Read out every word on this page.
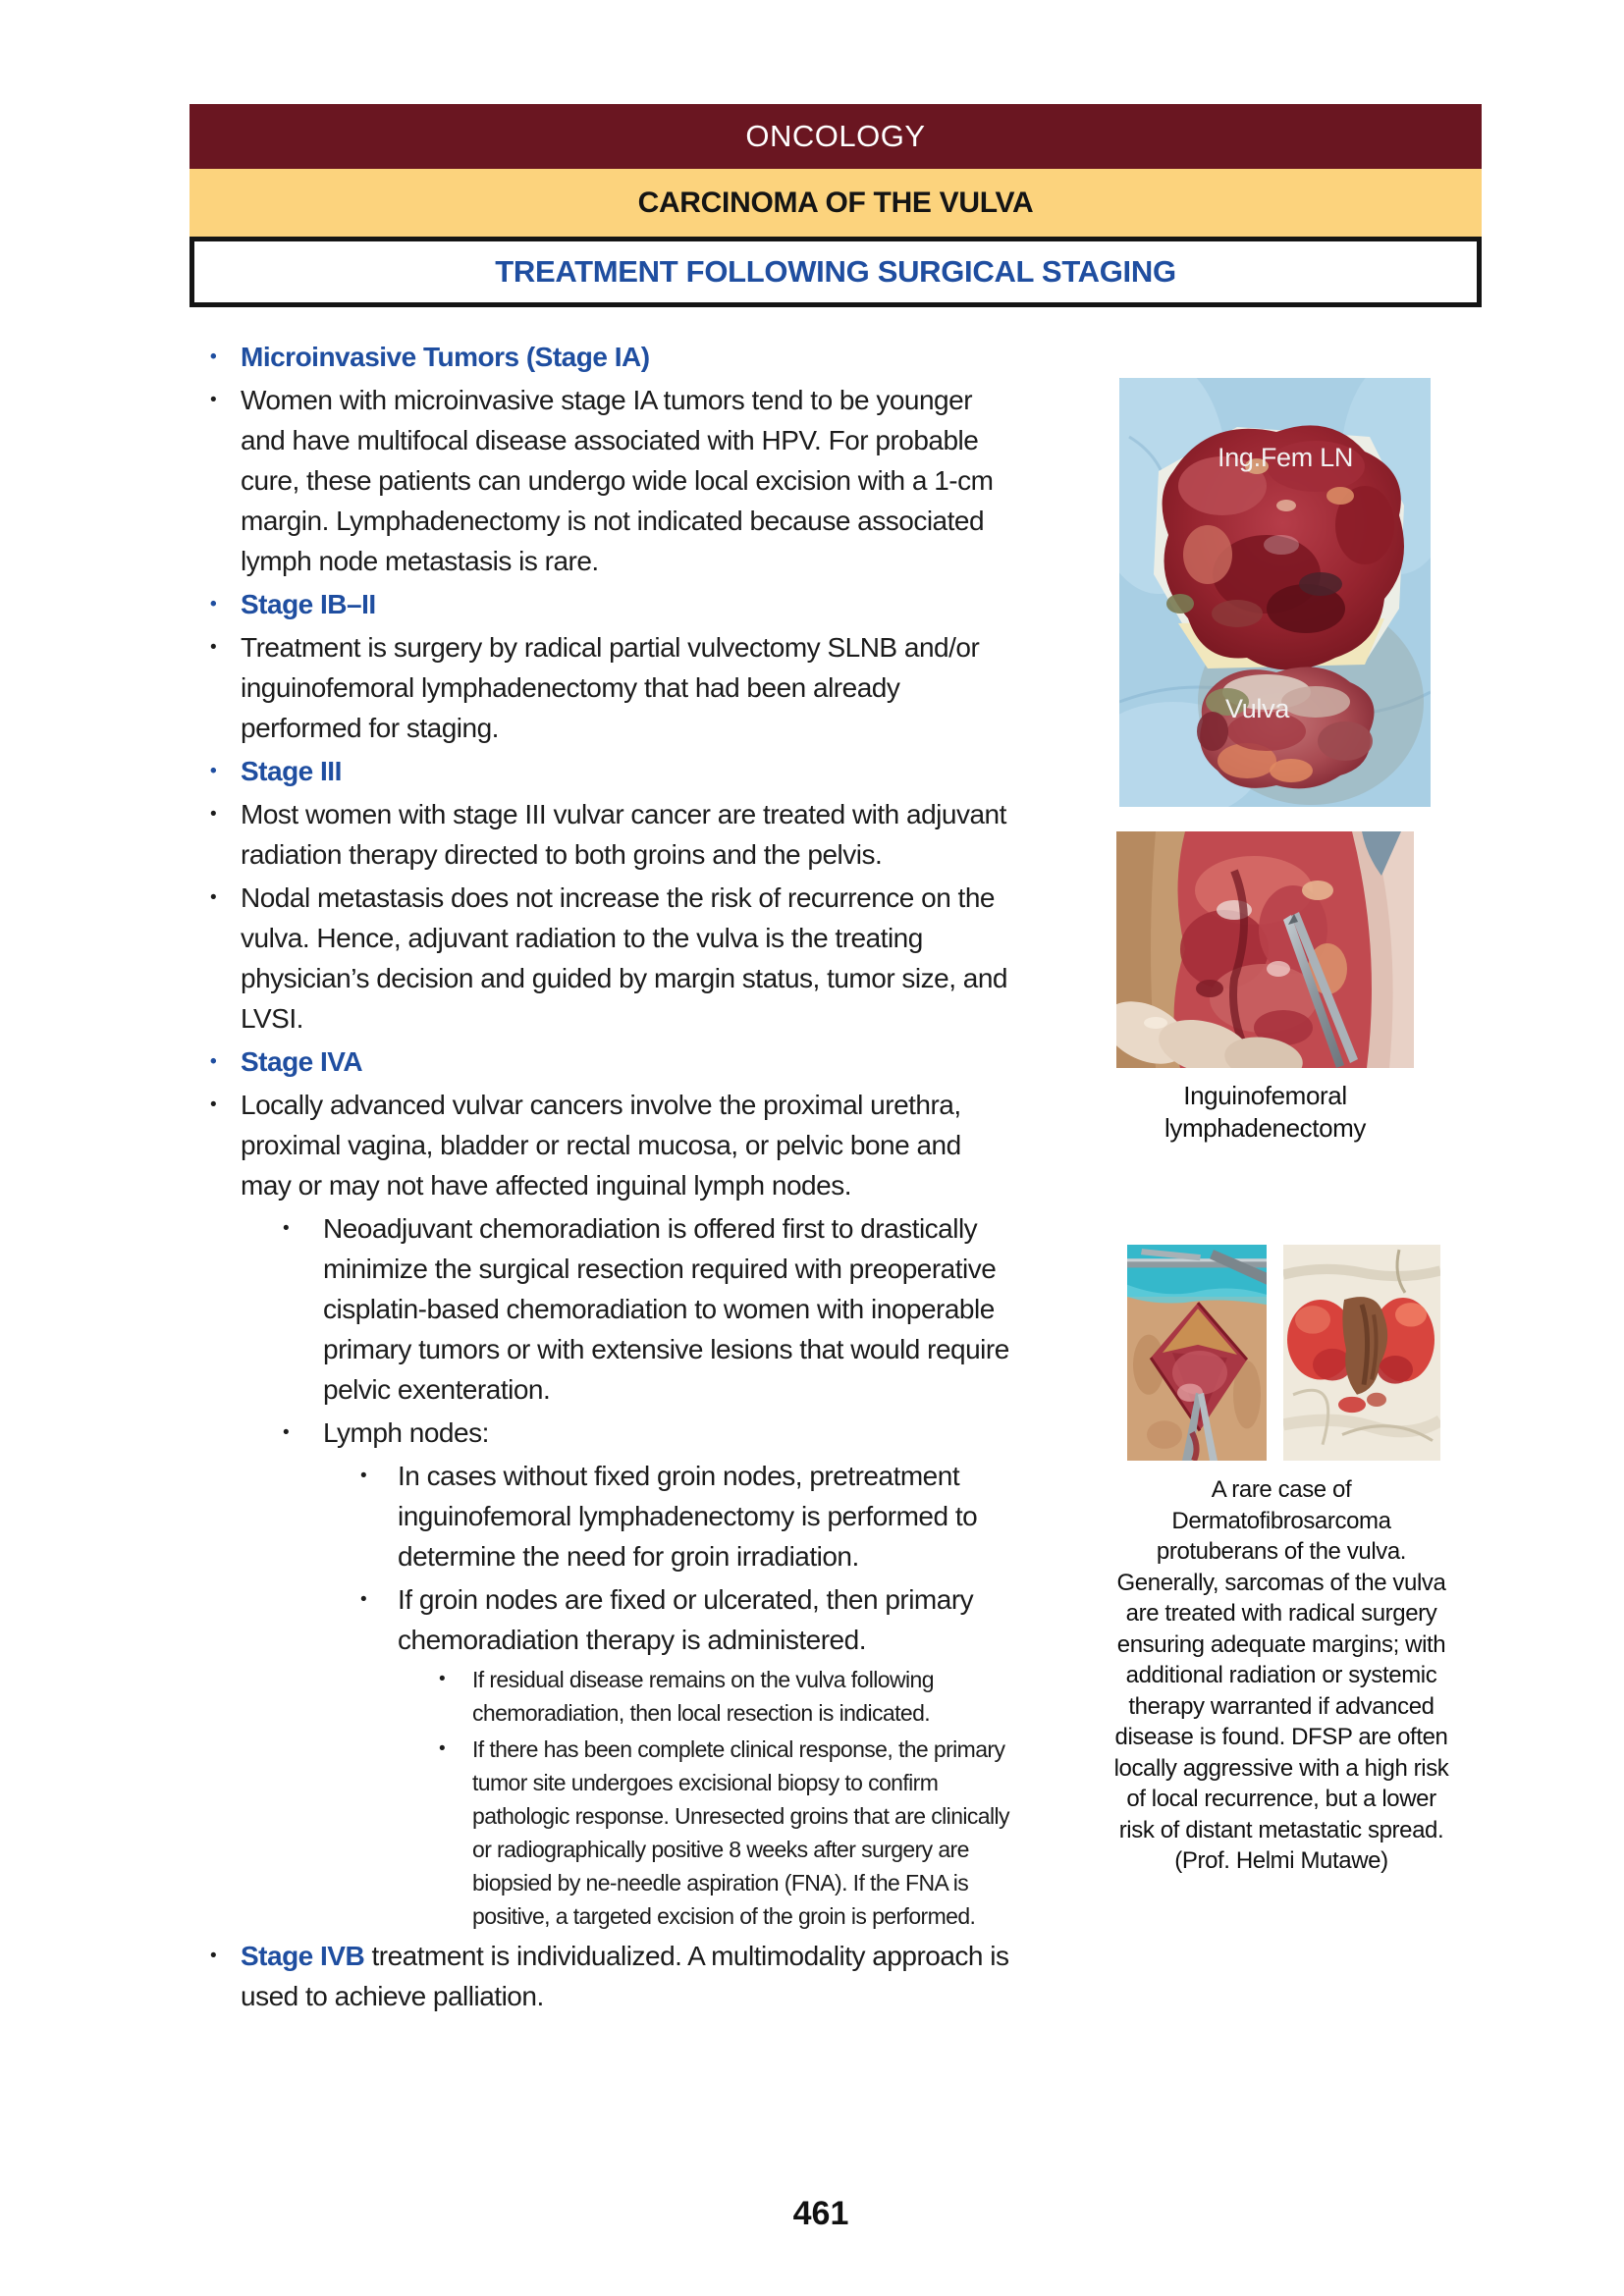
ONCOLOGY
CARCINOMA OF THE VULVA
TREATMENT FOLLOWING SURGICAL STAGING
• Microinvasive Tumors (Stage IA)
• Women with microinvasive stage IA tumors tend to be younger and have multifocal disease associated with HPV. For probable cure, these patients can undergo wide local excision with a 1-cm margin. Lymphadenectomy is not indicated because associated lymph node metastasis is rare.
• Stage IB–II
• Treatment is surgery by radical partial vulvectomy SLNB and/or inguinofemoral lymphadenectomy that had been already performed for staging.
• Stage III
• Most women with stage III vulvar cancer are treated with adjuvant radiation therapy directed to both groins and the pelvis.
• Nodal metastasis does not increase the risk of recurrence on the vulva. Hence, adjuvant radiation to the vulva is the treating physician’s decision and guided by margin status, tumor size, and LVSI.
• Stage IVA
• Locally advanced vulvar cancers involve the proximal urethra, proximal vagina, bladder or rectal mucosa, or pelvic bone and may or may not have affected inguinal lymph nodes.
•	Neoadjuvant chemoradiation is offered first to drastically minimize the surgical resection required with preoperative cisplatin-based chemoradiation to women with inoperable primary tumors or with extensive lesions that would require pelvic exenteration.
•	Lymph nodes:
•	In cases without fixed groin nodes, pretreatment inguinofemoral lymphadenectomy is performed to determine the need for groin irradiation.
•	If groin nodes are fixed or ulcerated, then primary chemoradiation therapy is administered.
•	If residual disease remains on the vulva following chemoradiation, then local resection is indicated.
•	If there has been complete clinical response, the primary tumor site undergoes excisional biopsy to confirm pathologic response. Unresected groins that are clinically or radiographically positive 8 weeks after surgery are biopsied by ne-needle aspiration (FNA). If the FNA is positive, a targeted excision of the groin is performed.
• Stage IVB treatment is individualized. A multimodality approach is used to achieve palliation.
Ing.Fem LN
Vulva
Inguinofemoral lymphadenectomy
A rare case of Dermatofibrosarcoma protuberans of the vulva. Generally, sarcomas of the vulva are treated with radical surgery ensuring adequate margins; with additional radiation or systemic therapy warranted if advanced disease is found. DFSP are often locally aggressive with a high risk of local recurrence, but a lower risk of distant metastatic spread. (Prof. Helmi Mutawe)
461
